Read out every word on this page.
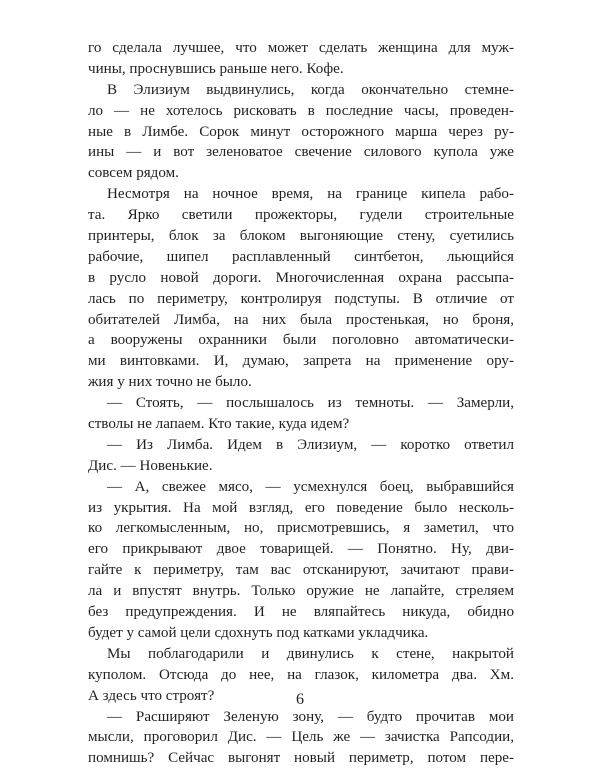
го сделала лучшее, что может сделать женщина для муж-
чины, проснувшись раньше него. Кофе.
В Элизиум выдвинулись, когда окончательно стемне-
ло — не хотелось рисковать в последние часы, проведен-
ные в Лимбе. Сорок минут осторожного марша через ру-
ины — и вот зеленоватое свечение силового купола уже
совсем рядом.
Несмотря на ночное время, на границе кипела рабо-
та. Ярко светили прожекторы, гудели строительные
принтеры, блок за блоком выгоняющие стену, суетились
рабочие, шипел расплавленный синтбетон, льющийся
в русло новой дороги. Многочисленная охрана рассыпа-
лась по периметру, контролируя подступы. В отличие от
обитателей Лимба, на них была простенькая, но броня,
а вооружены охранники были поголовно автоматически-
ми винтовками. И, думаю, запрета на применение ору-
жия у них точно не было.
— Стоять, — послышалось из темноты. — Замерли,
стволы не лапаем. Кто такие, куда идем?
— Из Лимба. Идем в Элизиум, — коротко ответил
Дис. — Новенькие.
— А, свежее мясо, — усмехнулся боец, выбравшийся
из укрытия. На мой взгляд, его поведение было несколь-
ко легкомысленным, но, присмотревшись, я заметил, что
его прикрывают двое товарищей. — Понятно. Ну, дви-
гайте к периметру, там вас отсканируют, зачитают прави-
ла и впустят внутрь. Только оружие не лапайте, стреляем
без предупреждения. И не вляпайтесь никуда, обидно
будет у самой цели сдохнуть под катками укладчика.
Мы поблагодарили и двинулись к стене, накрытой
куполом. Отсюда до нее, на глазок, километра два. Хм.
А здесь что строят?
— Расширяют Зеленую зону, — будто прочитав мои
мысли, проговорил Дис. — Цель же — зачистка Рапсодии,
помнишь? Сейчас выгонят новый периметр, потом пере-
6
